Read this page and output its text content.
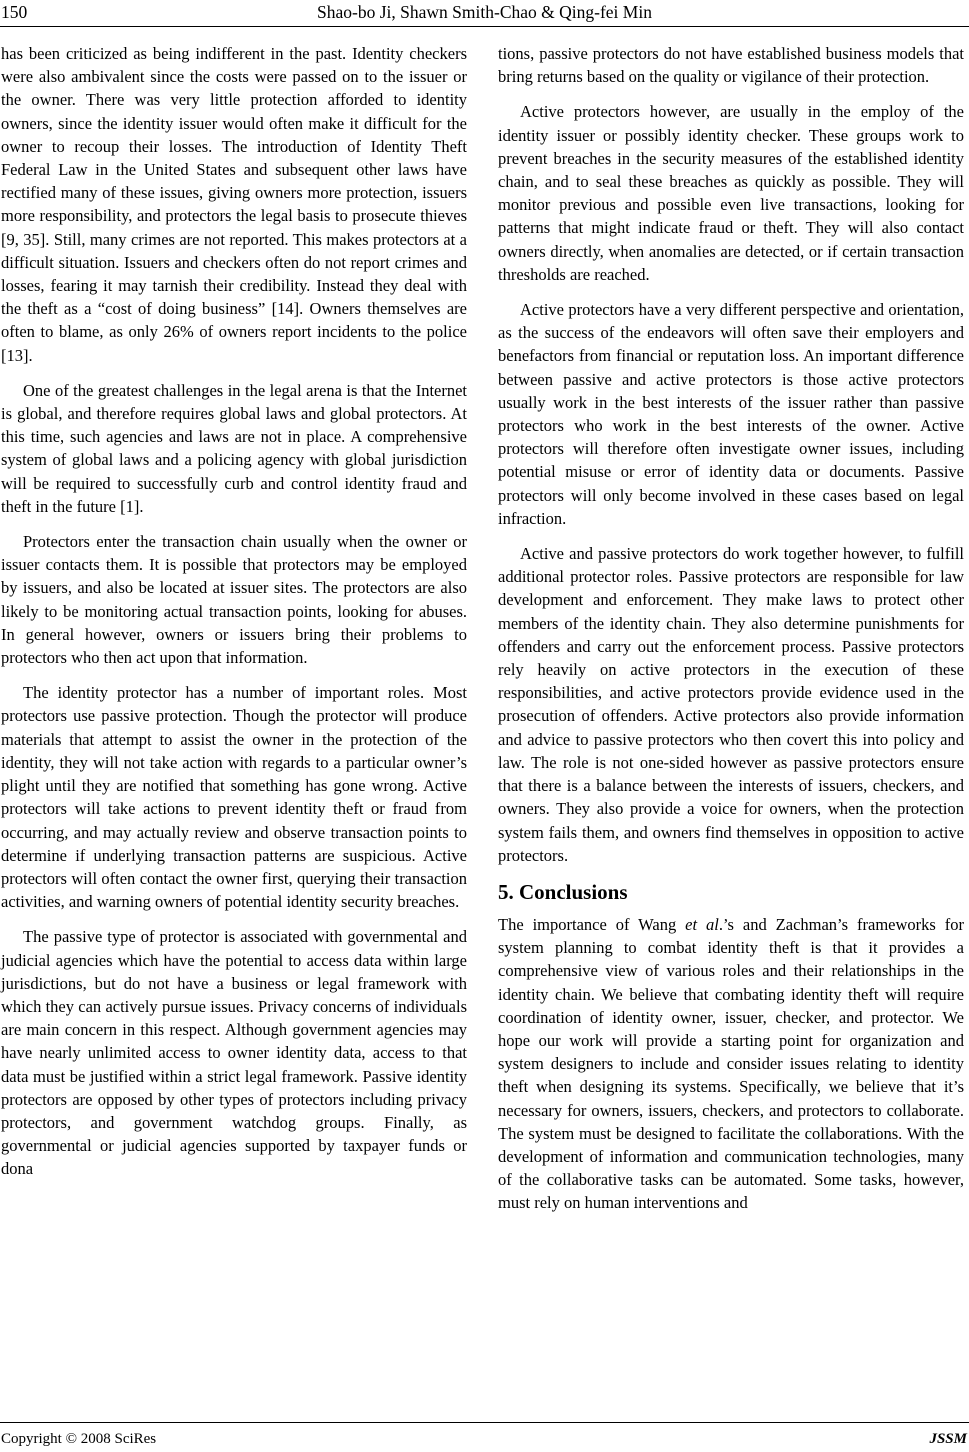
150	Shao-bo Ji, Shawn Smith-Chao & Qing-fei Min

has been criticized as being indifferent in the past. Identity checkers were also ambivalent since the costs were passed on to the issuer or the owner. There was very little protection afforded to identity owners, since the identity issuer would often make it difficult for the owner to recoup their losses. The introduction of Identity Theft Federal Law in the United States and subsequent other laws have rectified many of these issues, giving owners more protection, issuers more responsibility, and protectors the legal basis to prosecute thieves [9, 35]. Still, many crimes are not reported. This makes protectors at a difficult situation. Issuers and checkers often do not report crimes and losses, fearing it may tarnish their credibility. Instead they deal with the theft as a “cost of doing business” [14]. Owners themselves are often to blame, as only 26% of owners report incidents to the police [13].

One of the greatest challenges in the legal arena is that the Internet is global, and therefore requires global laws and global protectors. At this time, such agencies and laws are not in place. A comprehensive system of global laws and a policing agency with global jurisdiction will be required to successfully curb and control identity fraud and theft in the future [1].

Protectors enter the transaction chain usually when the owner or issuer contacts them. It is possible that protectors may be employed by issuers, and also be located at issuer sites. The protectors are also likely to be monitoring actual transaction points, looking for abuses. In general however, owners or issuers bring their problems to protectors who then act upon that information.

The identity protector has a number of important roles. Most protectors use passive protection. Though the protector will produce materials that attempt to assist the owner in the protection of the identity, they will not take action with regards to a particular owner’s plight until they are notified that something has gone wrong. Active protectors will take actions to prevent identity theft or fraud from occurring, and may actually review and observe transaction points to determine if underlying transaction patterns are suspicious. Active protectors will often contact the owner first, querying their transaction activities, and warning owners of potential identity security breaches.

The passive type of protector is associated with governmental and judicial agencies which have the potential to access data within large jurisdictions, but do not have a business or legal framework with which they can actively pursue issues. Privacy concerns of individuals are main concern in this respect. Although government agencies may have nearly unlimited access to owner identity data, access to that data must be justified within a strict legal framework. Passive identity protectors are opposed by other types of protectors including privacy protectors, and government watchdog groups. Finally, as governmental or judicial agencies supported by taxpayer funds or dona

tions, passive protectors do not have established business models that bring returns based on the quality or vigilance of their protection.

Active protectors however, are usually in the employ of the identity issuer or possibly identity checker. These groups work to prevent breaches in the security measures of the established identity chain, and to seal these breaches as quickly as possible. They will monitor previous and possible even live transactions, looking for patterns that might indicate fraud or theft. They will also contact owners directly, when anomalies are detected, or if certain transaction thresholds are reached.

Active protectors have a very different perspective and orientation, as the success of the endeavors will often save their employers and benefactors from financial or reputation loss. An important difference between passive and active protectors is those active protectors usually work in the best interests of the issuer rather than passive protectors who work in the best interests of the owner. Active protectors will therefore often investigate owner issues, including potential misuse or error of identity data or documents. Passive protectors will only become involved in these cases based on legal infraction.

Active and passive protectors do work together however, to fulfill additional protector roles. Passive protectors are responsible for law development and enforcement. They make laws to protect other members of the identity chain. They also determine punishments for offenders and carry out the enforcement process. Passive protectors rely heavily on active protectors in the execution of these responsibilities, and active protectors provide evidence used in the prosecution of offenders. Active protectors also provide information and advice to passive protectors who then covert this into policy and law. The role is not one-sided however as passive protectors ensure that there is a balance between the interests of issuers, checkers, and owners. They also provide a voice for owners, when the protection system fails them, and owners find themselves in opposition to active protectors.

5. Conclusions

The importance of Wang et al.’s and Zachman’s frameworks for system planning to combat identity theft is that it provides a comprehensive view of various roles and their relationships in the identity chain. We believe that combating identity theft will require coordination of identity owner, issuer, checker, and protector. We hope our work will provide a starting point for organization and system designers to include and consider issues relating to identity theft when designing its systems. Specifically, we believe that it’s necessary for owners, issuers, checkers, and protectors to collaborate. The system must be designed to facilitate the collaborations. With the development of information and communication technologies, many of the collaborative tasks can be automated. Some tasks, however, must rely on human interventions and

Copyright © 2008 SciRes	JSSM
